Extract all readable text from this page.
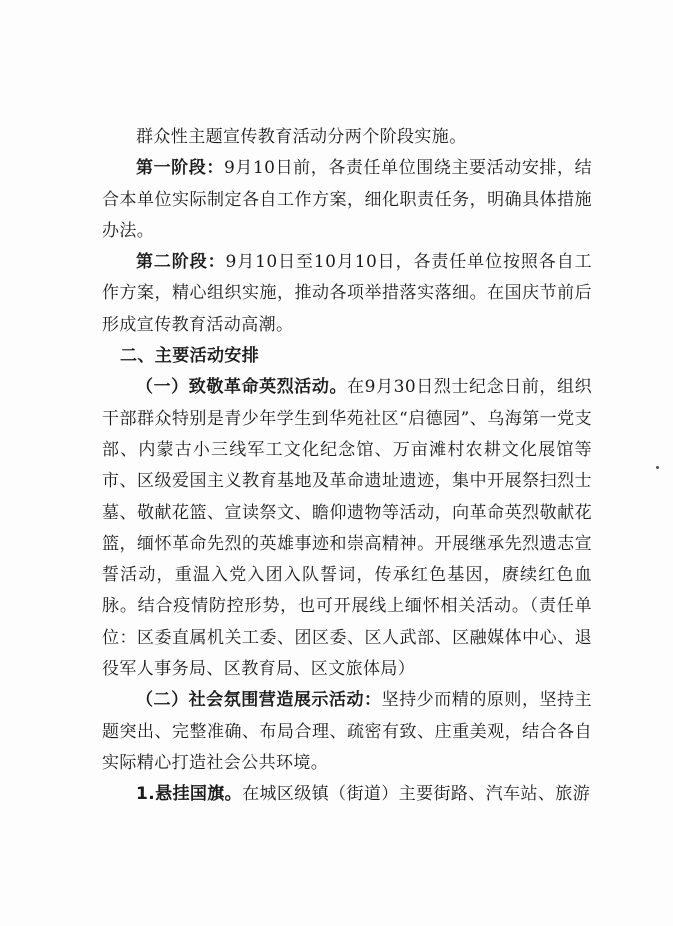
群众性主题宣传教育活动分两个阶段实施。

第一阶段：9月10日前，各责任单位围绕主要活动安排，结合本单位实际制定各自工作方案，细化职责任务，明确具体措施办法。

第二阶段：9月10日至10月10日，各责任单位按照各自工作方案，精心组织实施，推动各项举措落实落细。在国庆节前后形成宣传教育活动高潮。

二、主要活动安排

（一）致敬革命英烈活动。在9月30日烈士纪念日前，组织干部群众特别是青少年学生到华苑社区“启德园”、乌海第一党支部、内蒙古小三线军工文化纪念馆、万亩滩村农耕文化展馆等市、区级爱国主义教育基地及革命遗址遗迹，集中开展祭扫烈士墓、敬献花篮、宣读祭文、瞻仰遗物等活动，向革命英烈敬献花篮，缅怀革命先烈的英雄事迹和崇高精神。开展继承先烈遗志宣誓活动，重温入党入团入队誓词，传承红色基因，赓续红色血脉。结合疫情防控形势，也可开展线上缅怀相关活动。（责任单位：区委直属机关工委、团区委、区人武部、区融媒体中心、退役军人事务局、区教育局、区文旅体局）

（二）社会氛围营造展示活动：坚持少而精的原则，坚持主题突出、完整准确、布局合理、疏密有致、庄重美观，结合各自实际精心打造社会公共环境。

1.悬挂国旗。在城区级镇（街道）主要街路、汽车站、旅游
